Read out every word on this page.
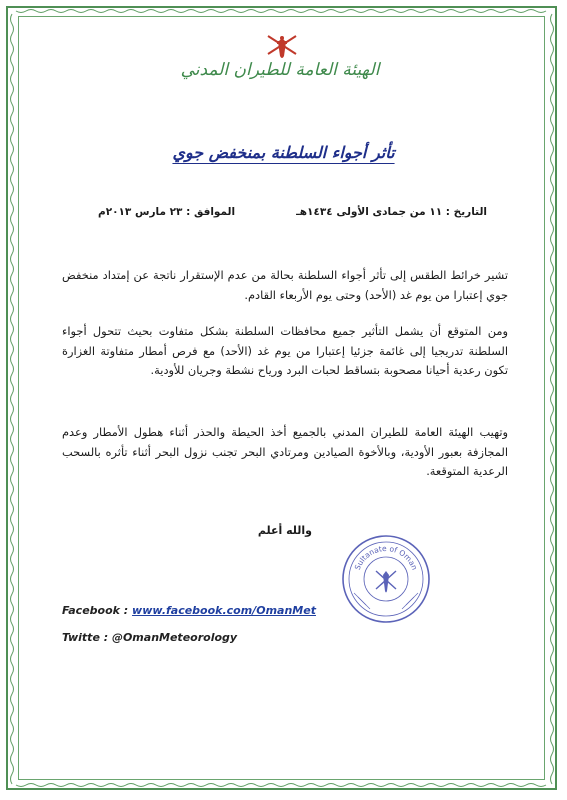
الهيئة العامة للطيران المدني
تأثر أجواء السلطنة بمنخفض جوي
التاريخ : ١١ من جمادى الأولى ١٤٣٤هـ
الموافق : ٢٣ مارس ٢٠١٣م
تشير خرائط الطقس إلى تأثر أجواء السلطنة بحالة من عدم الإستقرار ناتجة عن إمتداد منخفض جوي إعتبارا من يوم غد (الأحد) وحتى يوم الأربعاء القادم.
ومن المتوقع أن يشمل التأثير جميع محافظات السلطنة بشكل متفاوت بحيث تتحول أجواء السلطنة تدريجيا إلى غائمة جزئيا إعتبارا من يوم غد (الأحد) مع فرص أمطار متفاوتة الغزارة تكون رعدية أحيانا مصحوبة بتساقط لحبات البرد ورياح نشطة وجريان للأودية.
وتهيب الهيئة العامة للطيران المدني بالجميع أخذ الحيطة والحذر أثناء هطول الأمطار وعدم المجازفة بعبور الأودية، وبالأخوة الصيادين ومرتادي البحر تجنب نزول البحر أثناء تأثره بالسحب الرعدية المتوقعة.
والله أعلم
Sultanate of Oman
Facebook : www.facebook.com/OmanMet
Twitte : @OmanMeteorology
